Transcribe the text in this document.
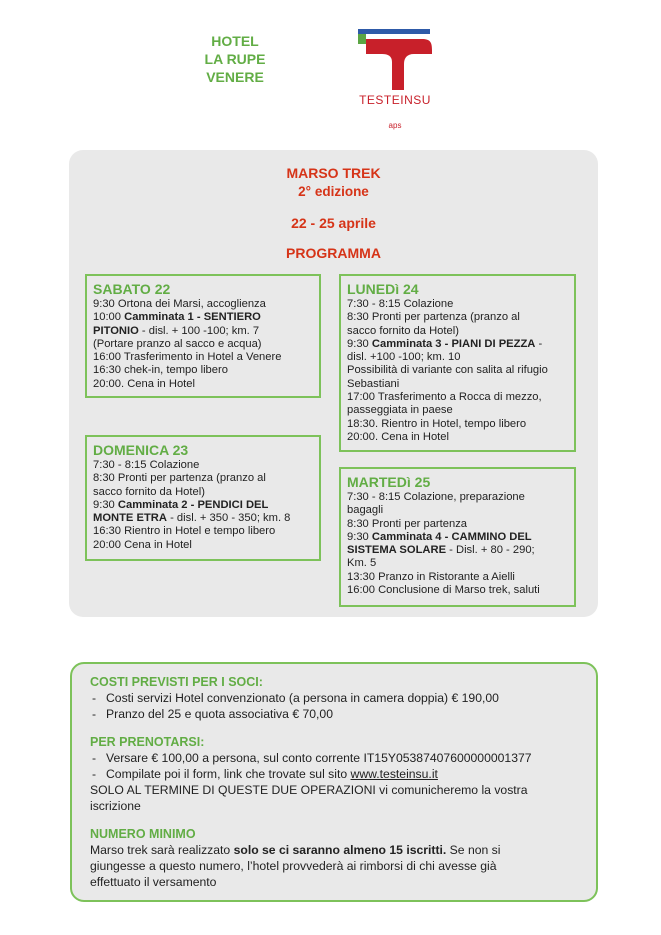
HOTEL
LA RUPE
VENERE
TESTEINSU
aps
MARSO TREK
2° edizione
22 - 25 aprile
PROGRAMMA
SABATO 22
9:30 Ortona dei Marsi, accoglienza
10:00 Camminata 1 - SENTIERO
PITONIO - disl. + 100 -100; km. 7
(Portare pranzo al sacco e acqua)
16:00 Trasferimento in Hotel a Venere
16:30 chek-in, tempo libero
20:00. Cena in Hotel
DOMENICA 23
7:30 - 8:15 Colazione
8:30 Pronti per partenza (pranzo al
sacco fornito da Hotel)
9:30 Camminata 2 - PENDICI DEL
MONTE ETRA - disl. + 350 - 350; km. 8
16:30 Rientro in Hotel e tempo libero
20:00 Cena in Hotel
LUNEDì 24
7:30 - 8:15 Colazione
8:30 Pronti per partenza (pranzo al
sacco fornito da Hotel)
9:30 Camminata 3 - PIANI DI PEZZA -
disl. +100 -100; km. 10
Possibilità di variante con salita al rifugio
Sebastiani
17:00 Trasferimento a Rocca di mezzo,
passeggiata in paese
18:30. Rientro in Hotel, tempo libero
20:00. Cena in Hotel
MARTEDì 25
7:30 - 8:15 Colazione, preparazione
bagagli
8:30 Pronti per partenza
9:30 Camminata 4 - CAMMINO DEL
SISTEMA SOLARE - Disl. + 80 - 290;
Km. 5
13:30 Pranzo in Ristorante a Aielli
16:00 Conclusione di Marso trek, saluti
COSTI PREVISTI PER I SOCI:
- Costi servizi Hotel convenzionato (a persona in camera doppia) € 190,00
- Pranzo del 25 e quota associativa € 70,00
PER PRENOTARSI:
- Versare € 100,00 a persona, sul conto corrente IT15Y05387407600000001377
- Compilate poi il form, link che trovate sul sito www.testeinsu.it
SOLO AL TERMINE DI QUESTE DUE OPERAZIONI vi comunicheremo la vostra
iscrizione
NUMERO MINIMO
Marso trek sarà realizzato solo se ci saranno almeno 15 iscritti. Se non si
giungesse a questo numero, l’hotel provvederà ai rimborsi di chi avesse già
effettuato il versamento
